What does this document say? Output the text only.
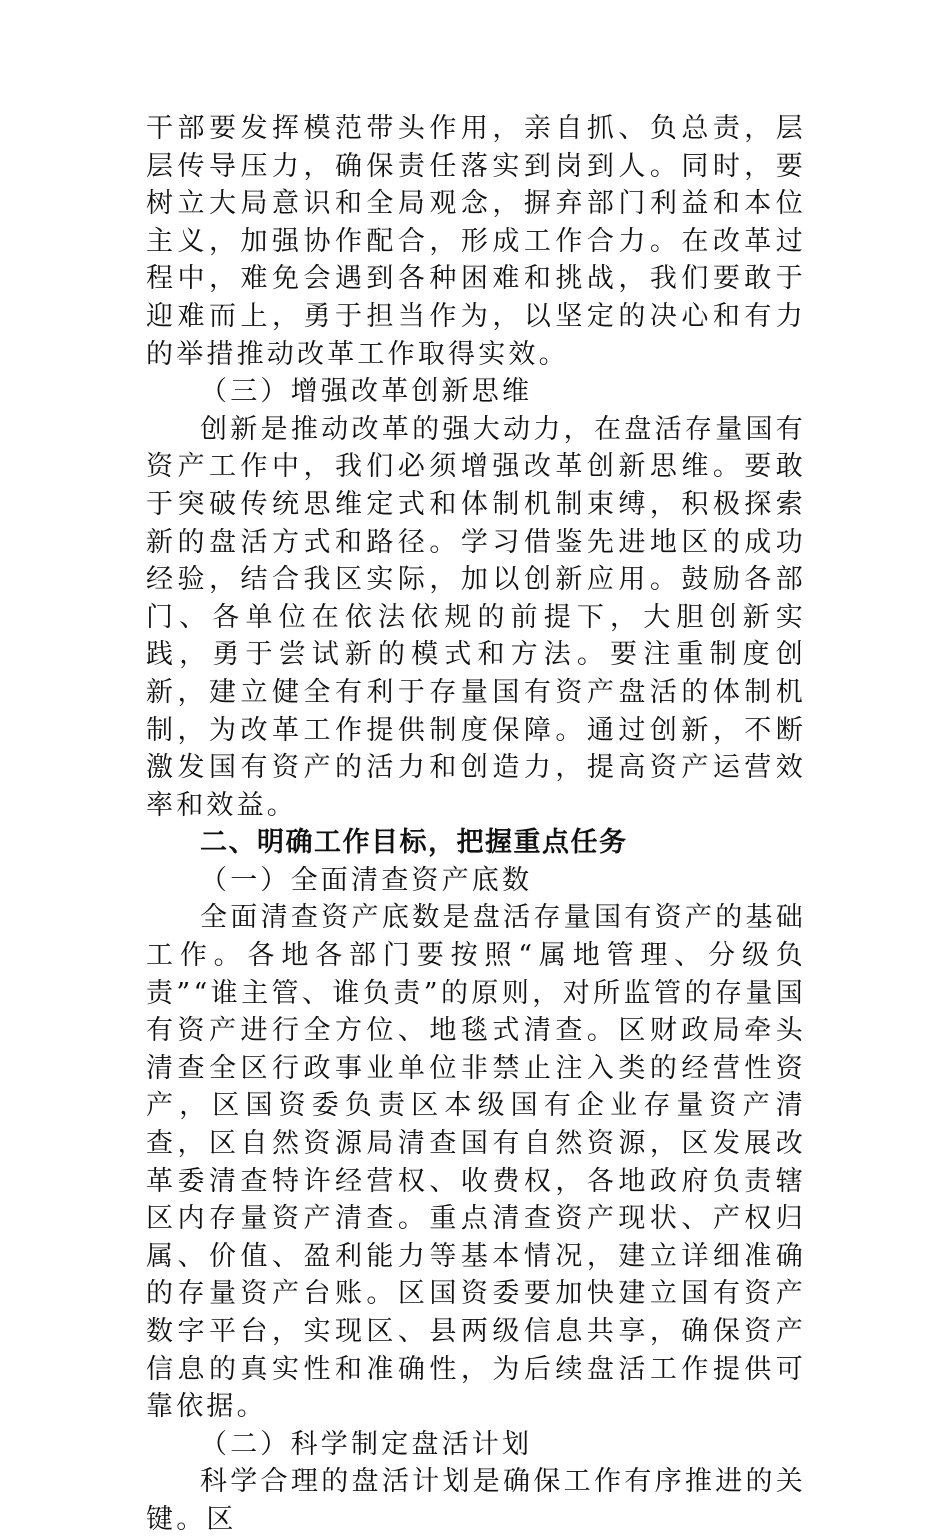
干部要发挥模范带头作用，亲自抓、负总责，层层传导压力，确保责任落实到岗到人。同时，要树立大局意识和全局观念，摒弃部门利益和本位主义，加强协作配合，形成工作合力。在改革过程中，难免会遇到各种困难和挑战，我们要敢于迎难而上，勇于担当作为，以坚定的决心和有力的举措推动改革工作取得实效。

（三）增强改革创新思维

创新是推动改革的强大动力，在盘活存量国有资产工作中，我们必须增强改革创新思维。要敢于突破传统思维定式和体制机制束缚，积极探索新的盘活方式和路径。学习借鉴先进地区的成功经验，结合我区实际，加以创新应用。鼓励各部门、各单位在依法依规的前提下，大胆创新实践，勇于尝试新的模式和方法。要注重制度创新，建立健全有利于存量国有资产盘活的体制机制，为改革工作提供制度保障。通过创新，不断激发国有资产的活力和创造力，提高资产运营效率和效益。

二、明确工作目标，把握重点任务

（一）全面清查资产底数

全面清查资产底数是盘活存量国有资产的基础工作。各地各部门要按照“属地管理、分级负责”“谁主管、谁负责”的原则，对所监管的存量国有资产进行全方位、地毯式清查。区财政局牵头清查全区行政事业单位非禁止注入类的经营性资产，区国资委负责区本级国有企业存量资产清查，区自然资源局清查国有自然资源，区发展改革委清查特许经营权、收费权，各地政府负责辖区内存量资产清查。重点清查资产现状、产权归属、价值、盈利能力等基本情况，建立详细准确的存量资产台账。区国资委要加快建立国有资产数字平台，实现区、县两级信息共享，确保资产信息的真实性和准确性，为后续盘活工作提供可靠依据。

（二）科学制定盘活计划

科学合理的盘活计划是确保工作有序推进的关键。区
